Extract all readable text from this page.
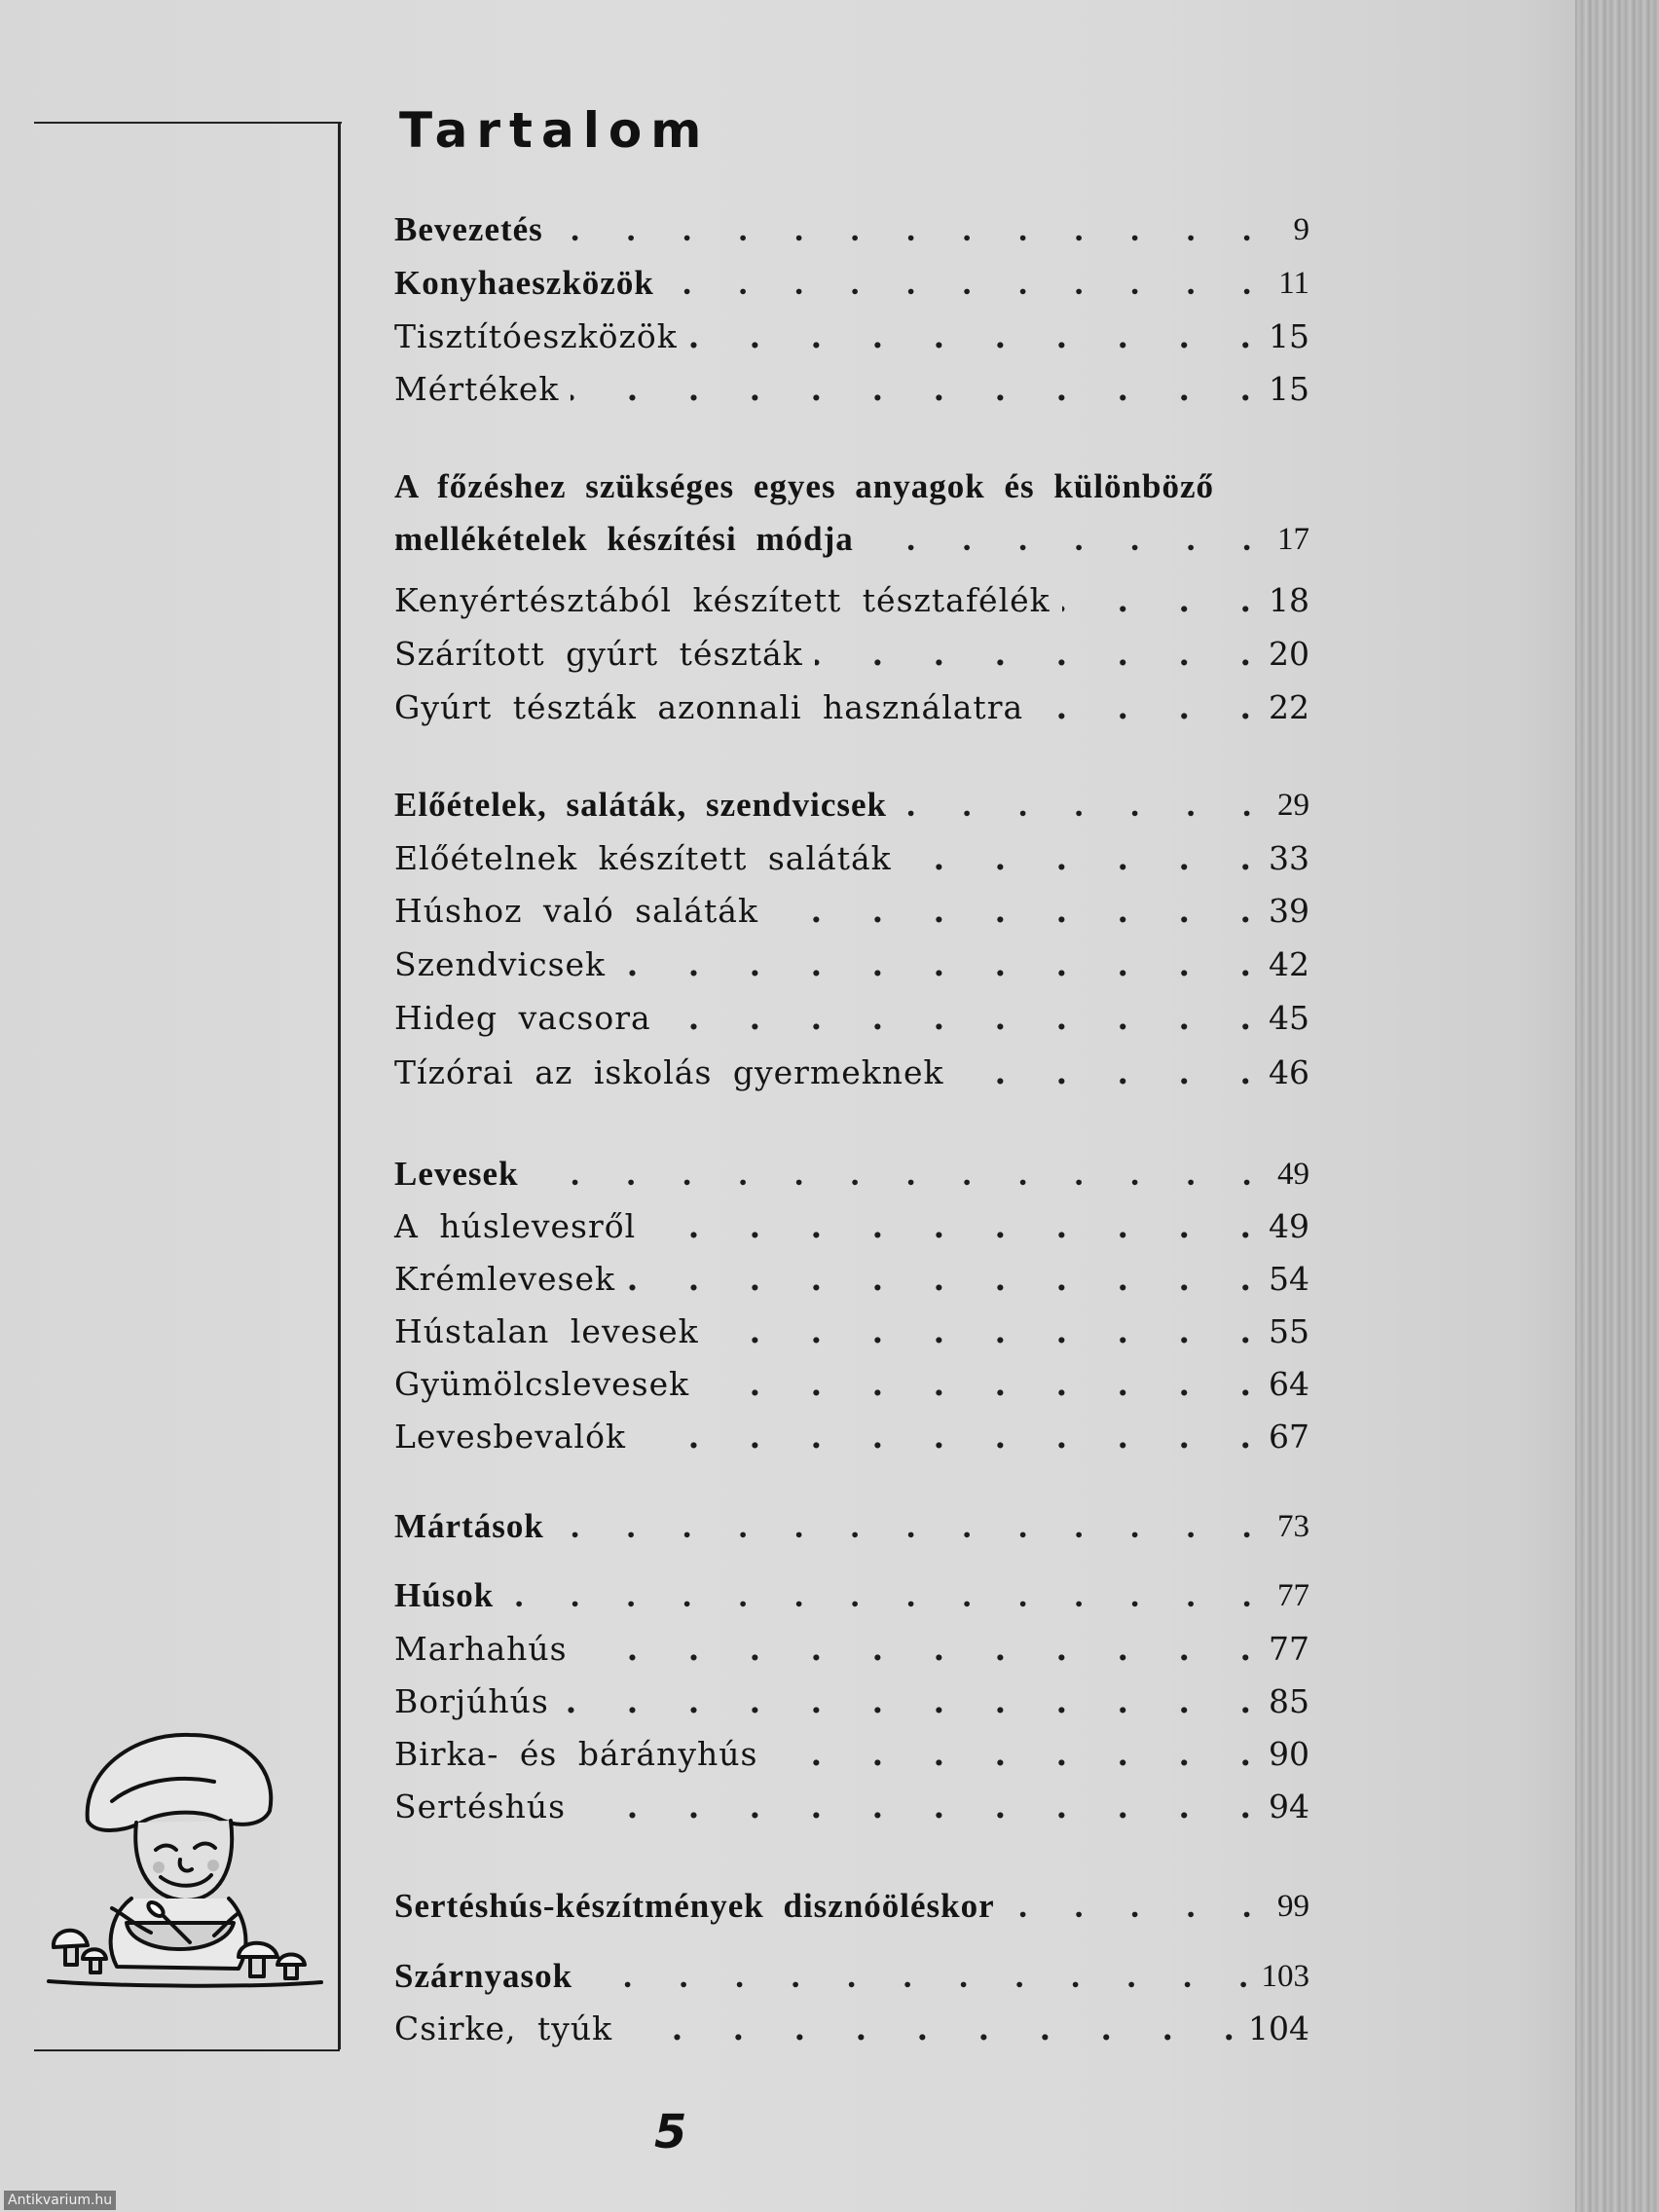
Tartalom
Bevezetés . . .	9
Konyhaeszközök . . .	11
Tisztítóeszközök . . .	15
Mértékek . . .	15
A főzéshez szükséges egyes anyagok és különböző
mellékételek készítési módja . . .	17
Kenyértésztából készített tésztafélék . . .	18
Szárított gyúrt tészták . . .	20
Gyúrt tészták azonnali használatra . . .	22
Előételek, saláták, szendvicsek . . .	29
Előételnek készített saláták . . .	33
Húshoz való saláták . . .	39
Szendvicsek . . .	42
Hideg vacsora . . .	45
Tízórai az iskolás gyermeknek . . .	46
Levesek . . .	49
A húslevesről . . .	49
Krémlevesek . . .	54
Hústalan levesek . . .	55
Gyümölcslevesek . . .	64
Levesbevalók . . .	67
Mártások . . .	73
Húsok . . .	77
Marhahús . . .	77
Borjúhús . . .	85
Birka- és bárányhús . . .	90
Sertéshús . . .	94
Sertéshús-készítmények disznóöléskor . . .	99
Szárnyasok . . .	103
Csirke, tyúk . . .	104
5
Antikvarium.hu
